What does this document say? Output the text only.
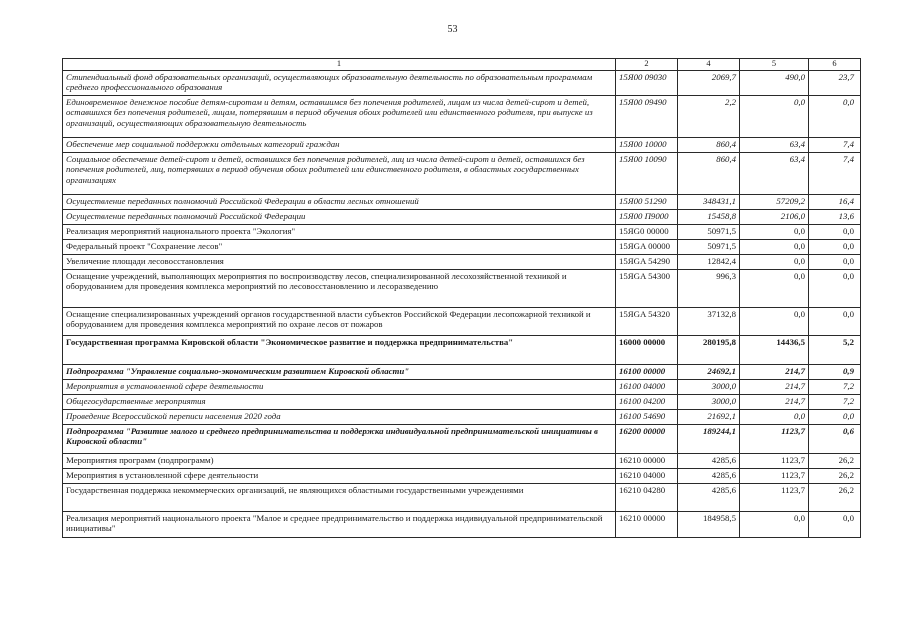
53
1	2	4	5	6
Стипендиальный фонд образовательных организаций, осуществляющих образовательную деятельность по образовательным программам среднего профессионального образования	15Я00 09030	2069,7	490,0	23,7
Единовременное денежное пособие детям-сиротам и детям, оставшимся без попечения родителей, лицам из числа детей-сирот и детей, оставшихся без попечения родителей, лицам, потерявшим в период обучения обоих родителей или единственного родителя, при выпуске из организаций, осуществляющих образовательную деятельность	15Я00 09490	2,2	0,0	0,0
Обеспечение мер социальной поддержки отдельных категорий граждан	15Я00 10000	860,4	63,4	7,4
Социальное обеспечение детей-сирот и детей, оставшихся без попечения родителей, лиц из числа детей-сирот и детей, оставшихся без попечения родителей, лиц, потерявших в период обучения обоих родителей или единственного родителя, в областных государственных организациях	15Я00 10090	860,4	63,4	7,4
Осуществление переданных полномочий Российской Федерации в области лесных отношений	15Я00 51290	348431,1	57209,2	16,4
Осуществление переданных полномочий Российской Федерации	15Я00 П9000	15458,8	2106,0	13,6
Реализация мероприятий национального проекта "Экология"	15ЯG0 00000	50971,5	0,0	0,0
Федеральный проект "Сохранение лесов"	15ЯGA 00000	50971,5	0,0	0,0
Увеличение площади лесовосстановления	15ЯGA 54290	12842,4	0,0	0,0
Оснащение учреждений, выполняющих мероприятия по воспроизводству лесов, специализированной лесохозяйственной техникой и оборудованием для проведения комплекса мероприятий по лесовосстановлению и лесоразведению	15ЯGA 54300	996,3	0,0	0,0
Оснащение специализированных учреждений органов государственной власти субъектов Российской Федерации лесопожарной техникой и оборудованием для проведения комплекса мероприятий по охране лесов от пожаров	15ЯGA 54320	37132,8	0,0	0,0
Государственная программа Кировской области "Экономическое развитие и поддержка предпринимательства"	16000 00000	280195,8	14436,5	5,2
Подпрограмма "Управление социально-экономическим развитием Кировской области"	16100 00000	24692,1	214,7	0,9
Мероприятия в установленной сфере деятельности	16100 04000	3000,0	214,7	7,2
Общегосударственные мероприятия	16100 04200	3000,0	214,7	7,2
Проведение Всероссийской переписи населения 2020 года	16100 54690	21692,1	0,0	0,0
Подпрограмма "Развитие малого и среднего предпринимательства и поддержка индивидуальной предпринимательской инициативы в Кировской области"	16200 00000	189244,1	1123,7	0,6
Мероприятия программ (подпрограмм)	16210 00000	4285,6	1123,7	26,2
Мероприятия в установленной сфере деятельности	16210 04000	4285,6	1123,7	26,2
Государственная поддержка некоммерческих организаций, не являющихся областными государственными учреждениями	16210 04280	4285,6	1123,7	26,2
Реализация мероприятий национального проекта "Малое и среднее предпринимательство и поддержка индивидуальной предпринимательской инициативы"	16210 00000	184958,5	0,0	0,0
